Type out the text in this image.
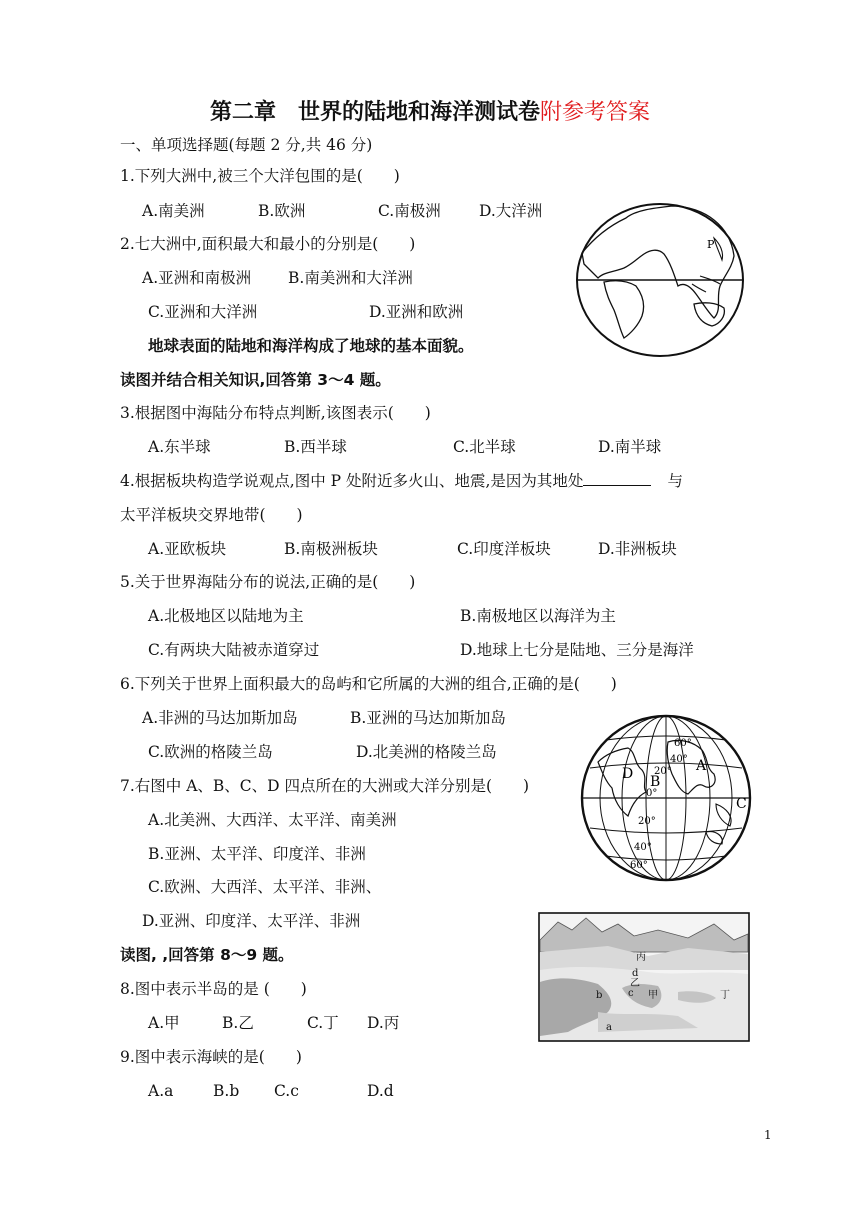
第二章　世界的陆地和海洋测试卷附参考答案
一、单项选择题(每题 2 分,共 46 分)
1.下列大洲中,被三个大洋包围的是(　　)
A.南美洲	B.欧洲	C.南极洲 D.大洋洲
2.七大洲中,面积最大和最小的分别是(　　)
A.亚洲和南极洲 B.南美洲和大洋洲
C.亚洲和大洋洲	D.亚洲和欧洲
地球表面的陆地和海洋构成了地球的基本面貌。
读图并结合相关知识,回答第 3～4 题。
3.根据图中海陆分布特点判断,该图表示(　　)
A.东半球	B.西半球	C.北半球	D.南半球
4.根据板块构造学说观点,图中 P 处附近多火山、地震,是因为其地处	与
太平洋板块交界地带(　　)
A.亚欧板块	B.南极洲板块	C.印度洋板块	D.非洲板块
5.关于世界海陆分布的说法,正确的是(　　)
A.北极地区以陆地为主	B.南极地区以海洋为主
C.有两块大陆被赤道穿过	D.地球上七分是陆地、三分是海洋
6.下列关于世界上面积最大的岛屿和它所属的大洲的组合,正确的是(　　)
A.非洲的马达加斯加岛	B.亚洲的马达加斯加岛
C.欧洲的格陵兰岛	D.北美洲的格陵兰岛
7.右图中 A、B、C、D 四点所在的大洲或大洋分别是(　　)
A.北美洲、大西洋、太平洋、南美洲
B.亚洲、太平洋、印度洋、非洲
C.欧洲、大西洋、太平洋、非洲、
D.亚洲、印度洋、太平洋、非洲
读图, ,回答第 8～9 题。
8.图中表示半岛的是 (　　)
A.甲	B.乙	C.丁 D.丙
9.图中表示海峡的是(　　)
A.a	B.b C.c	D.d
1
P
60°
40°
20°
0°
20°
40°
60°
A
B
C
D
丙
d
乙
c
b	甲	丁
a
